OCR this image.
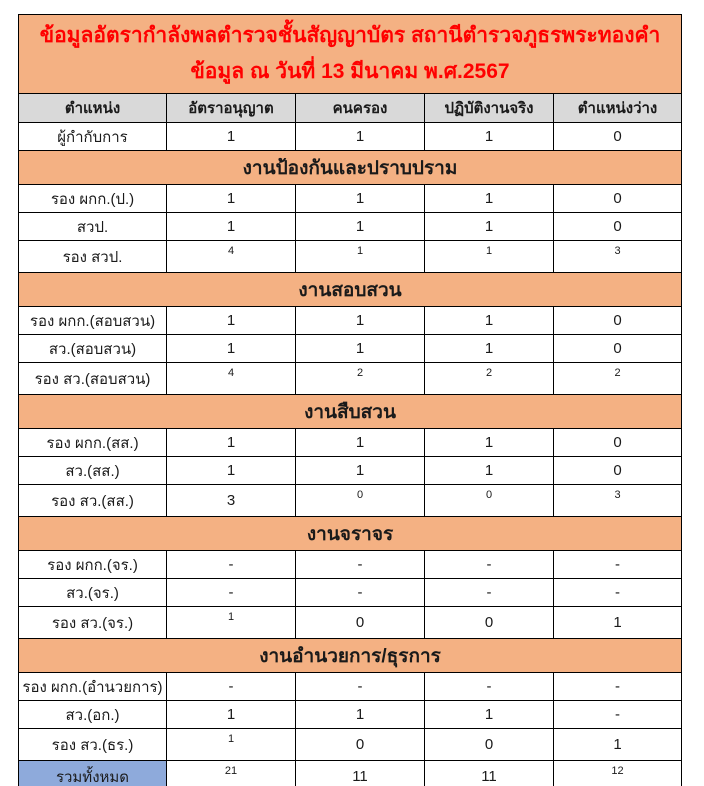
ข้อมูลอัตรากำลังพลตำรวจชั้นสัญญาบัตร สถานีตำรวจภูธรพระทองคำ
ข้อมูล ณ วันที่ 13 มีนาคม พ.ศ.2567				

ตำแหน่ง	อัตราอนุญาต	คนครอง	ปฏิบัติงานจริง	ตำแหน่งว่าง
ผู้กำกับการ	1	1	1	0
งานป้องกันและปราบปราม				
รอง ผกก.(ป.)	1	1	1	0
สวป.	1	1	1	0
รอง สวป.	4	1	1	3
งานสอบสวน				
รอง ผกก.(สอบสวน)	1	1	1	0
สว.(สอบสวน)	1	1	1	0
รอง สว.(สอบสวน)	4	2	2	2
งานสืบสวน				
รอง ผกก.(สส.)	1	1	1	0
สว.(สส.)	1	1	1	0
รอง สว.(สส.)	3	0	0	3
งานจราจร				
รอง ผกก.(จร.)	-	-	-	-
สว.(จร.)	-	-	-	-
รอง สว.(จร.)	1	0	0	1
งานอำนวยการ/ธุรการ				
รอง ผกก.(อำนวยการ)	-	-	-	-
สว.(อก.)	1	1	1	-
รอง สว.(ธร.)	1	0	0	1
รวมทั้งหมด	21	11	11	12
